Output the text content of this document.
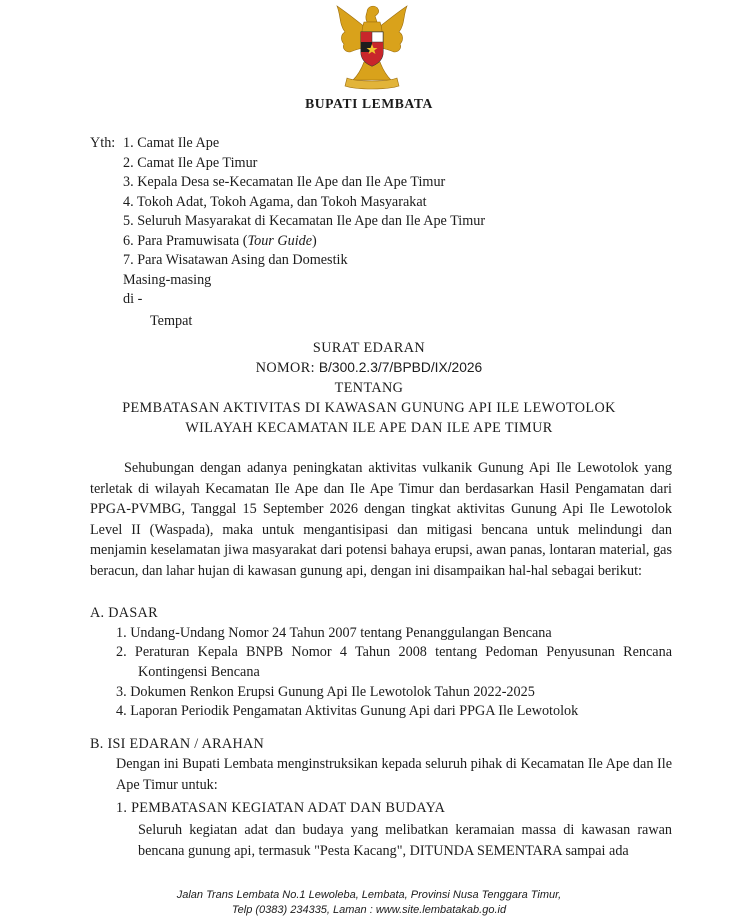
BUPATI LEMBATA
Yth: 1. Camat Ile Ape
2. Camat Ile Ape Timur
3. Kepala Desa se-Kecamatan Ile Ape dan Ile Ape Timur
4. Tokoh Adat, Tokoh Agama, dan Tokoh Masyarakat
5. Seluruh Masyarakat di Kecamatan Ile Ape dan Ile Ape Timur
6. Para Pramuwisata (Tour Guide)
7. Para Wisatawan Asing dan Domestik
Masing-masing
di -
Tempat
SURAT EDARAN
NOMOR: B/300.2.3/7/BPBD/IX/2026
TENTANG
PEMBATASAN AKTIVITAS DI KAWASAN GUNUNG API ILE LEWOTOLOK
WILAYAH KECAMATAN ILE APE DAN ILE APE TIMUR
Sehubungan dengan adanya peningkatan aktivitas vulkanik Gunung Api Ile Lewotolok yang terletak di wilayah Kecamatan Ile Ape dan Ile Ape Timur dan berdasarkan Hasil Pengamatan dari PPGA-PVMBG, Tanggal 15 September 2026 dengan tingkat aktivitas Gunung Api Ile Lewotolok Level II (Waspada), maka untuk mengantisipasi dan mitigasi bencana untuk melindungi dan menjamin keselamatan jiwa masyarakat dari potensi bahaya erupsi, awan panas, lontaran material, gas beracun, dan lahar hujan di kawasan gunung api, dengan ini disampaikan hal-hal sebagai berikut:
A. DASAR
1. Undang-Undang Nomor 24 Tahun 2007 tentang Penanggulangan Bencana
2. Peraturan Kepala BNPB Nomor 4 Tahun 2008 tentang Pedoman Penyusunan Rencana
Kontingensi Bencana
3. Dokumen Renkon Erupsi Gunung Api Ile Lewotolok Tahun 2022-2025
4. Laporan Periodik Pengamatan Aktivitas Gunung Api dari PPGA Ile Lewotolok
B. ISI EDARAN / ARAHAN
Dengan ini Bupati Lembata menginstruksikan kepada seluruh pihak di Kecamatan Ile Ape dan Ile Ape Timur untuk:
1. PEMBATASAN KEGIATAN ADAT DAN BUDAYA
Seluruh kegiatan adat dan budaya yang melibatkan keramaian massa di kawasan rawan bencana gunung api, termasuk "Pesta Kacang", DITUNDA SEMENTARA sampai ada
Jalan Trans Lembata No.1 Lewoleba, Lembata, Provinsi Nusa Tenggara Timur,
Telp (0383) 234335, Laman : www.site.lembatakab.go.id
